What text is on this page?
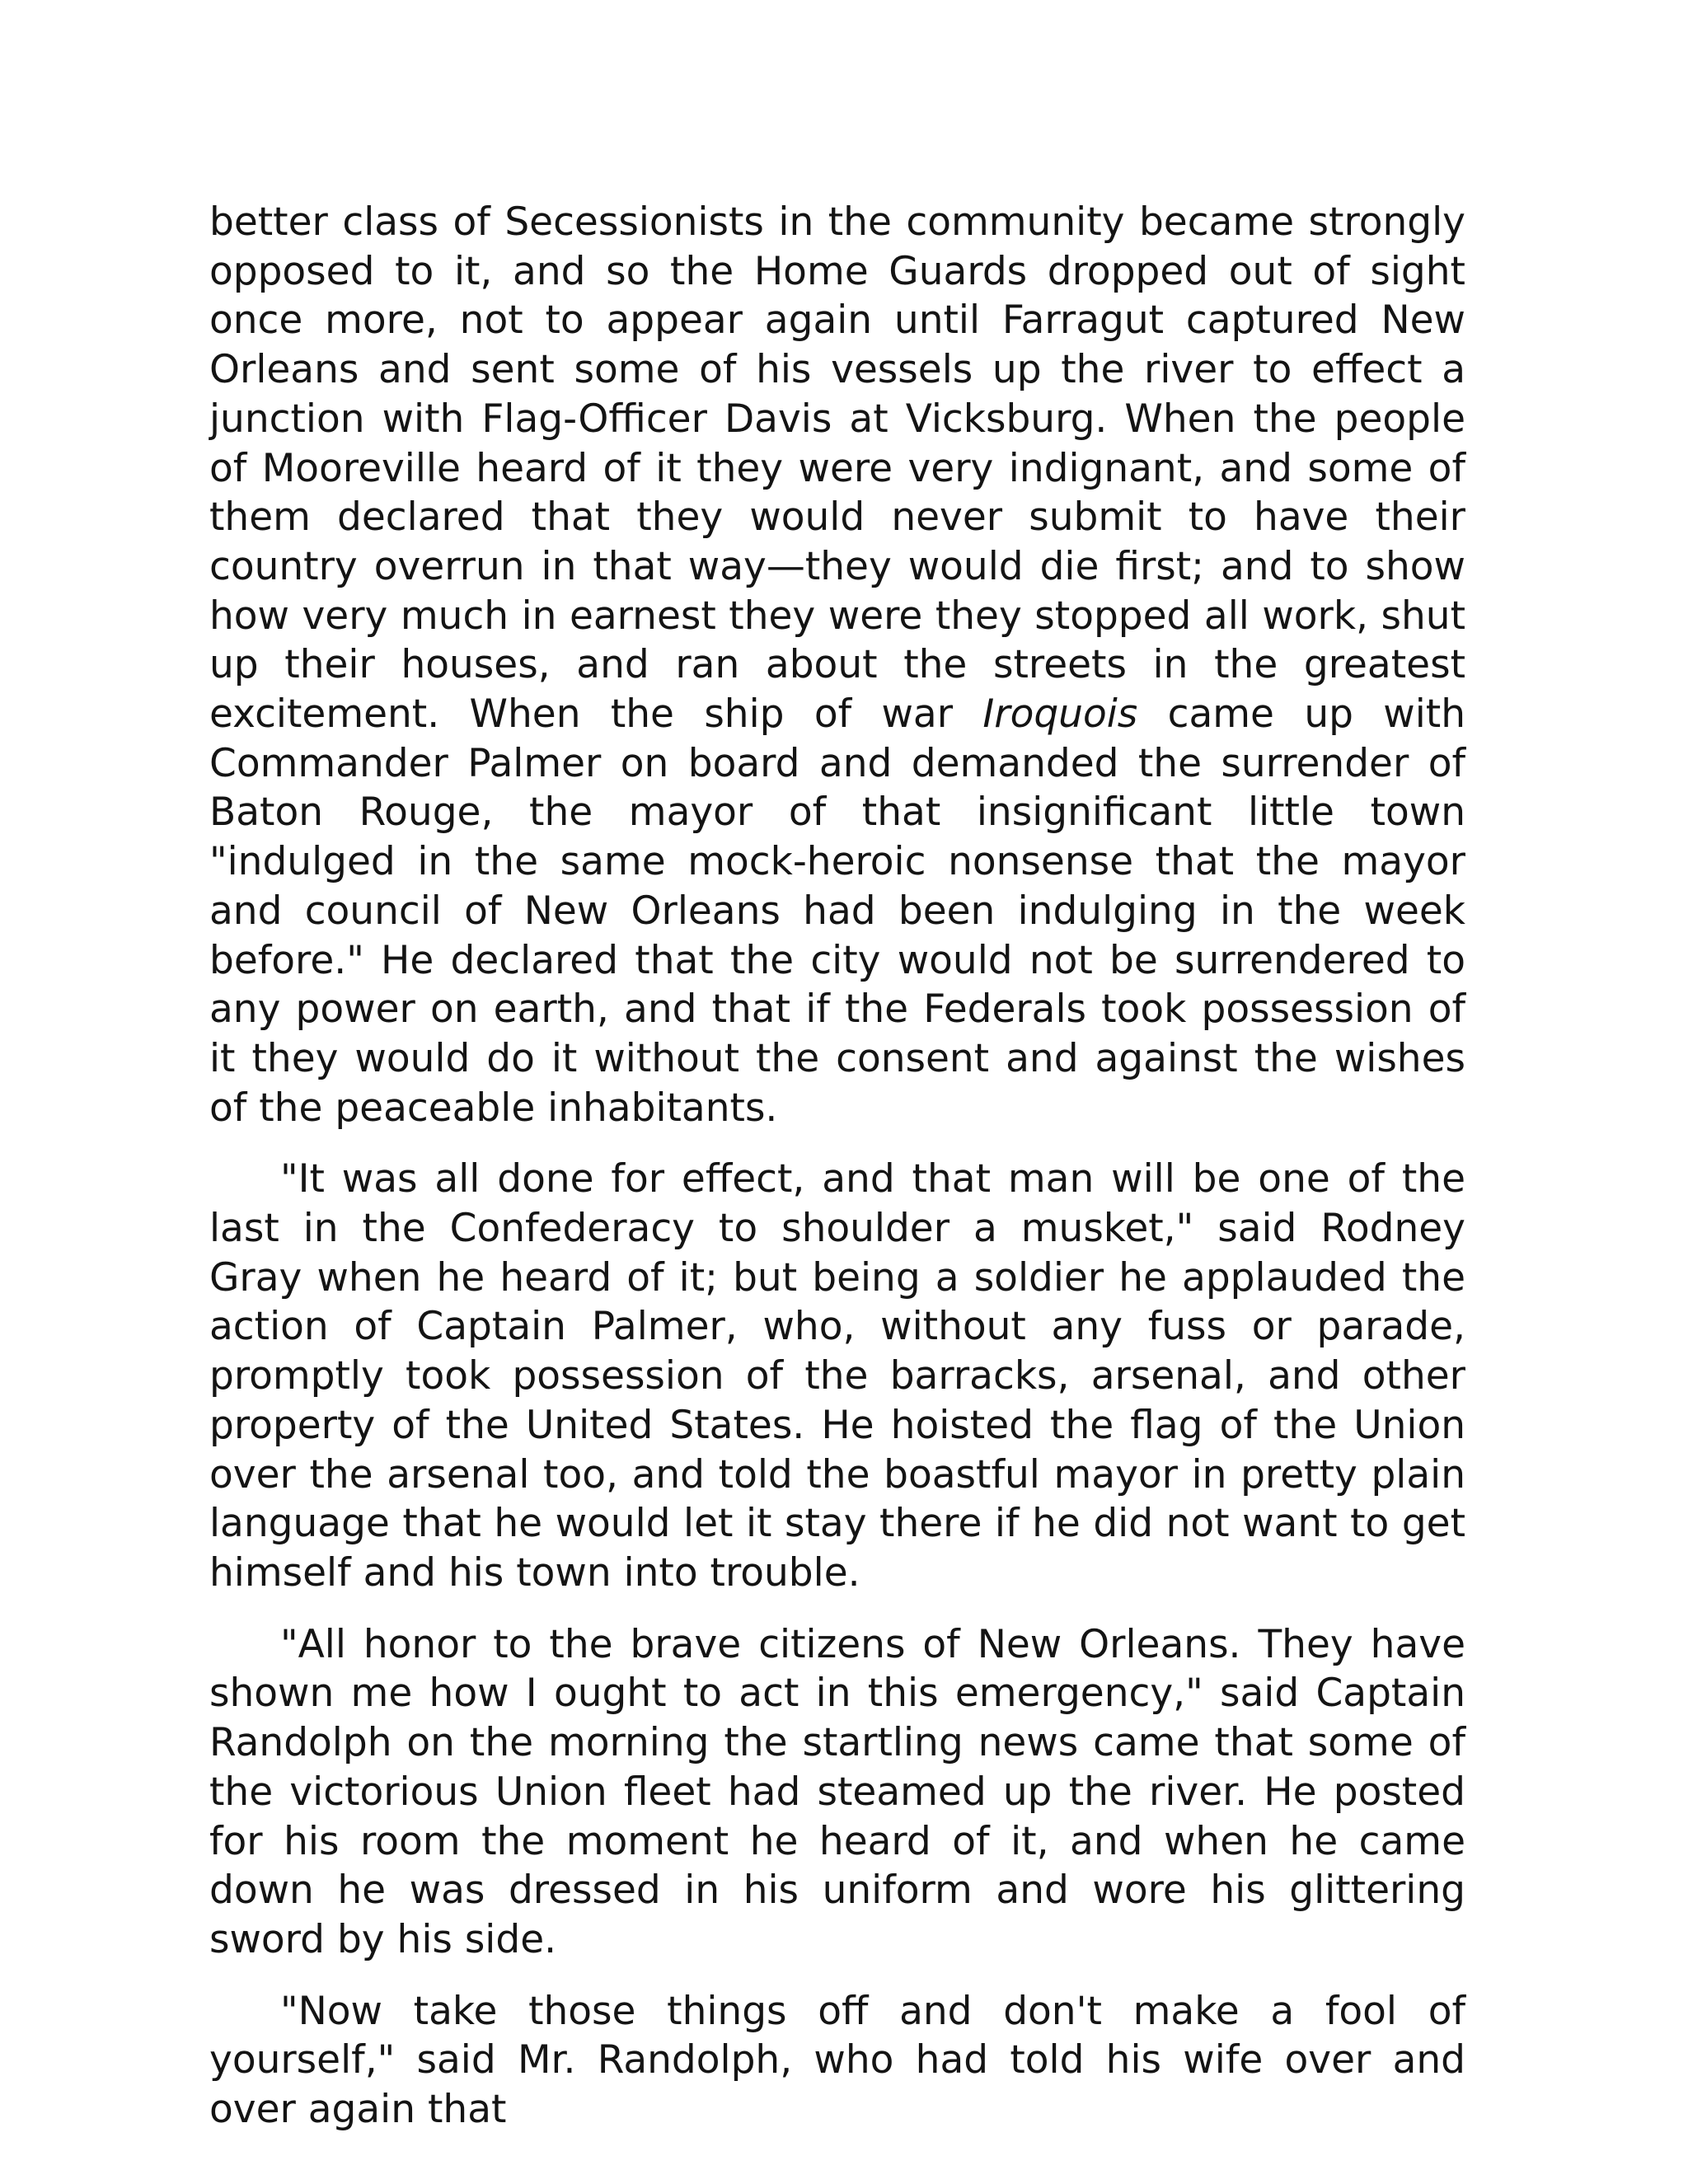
better class of Secessionists in the community became strongly opposed to it, and so the Home Guards dropped out of sight once more, not to appear again until Farragut captured New Orleans and sent some of his vessels up the river to effect a junction with Flag-Officer Davis at Vicksburg. When the people of Mooreville heard of it they were very indignant, and some of them declared that they would never submit to have their country overrun in that way—they would die first; and to show how very much in earnest they were they stopped all work, shut up their houses, and ran about the streets in the greatest excitement. When the ship of war Iroquois came up with Commander Palmer on board and demanded the surrender of Baton Rouge, the mayor of that insignificant little town "indulged in the same mock-heroic nonsense that the mayor and council of New Orleans had been indulging in the week before." He declared that the city would not be surrendered to any power on earth, and that if the Federals took possession of it they would do it without the consent and against the wishes of the peaceable inhabitants.

"It was all done for effect, and that man will be one of the last in the Confederacy to shoulder a musket," said Rodney Gray when he heard of it; but being a soldier he applauded the action of Captain Palmer, who, without any fuss or parade, promptly took possession of the barracks, arsenal, and other property of the United States. He hoisted the flag of the Union over the arsenal too, and told the boastful mayor in pretty plain language that he would let it stay there if he did not want to get himself and his town into trouble.

"All honor to the brave citizens of New Orleans. They have shown me how I ought to act in this emergency," said Captain Randolph on the morning the startling news came that some of the victorious Union fleet had steamed up the river. He posted for his room the moment he heard of it, and when he came down he was dressed in his uniform and wore his glittering sword by his side.

"Now take those things off and don't make a fool of yourself," said Mr. Randolph, who had told his wife over and over again that
